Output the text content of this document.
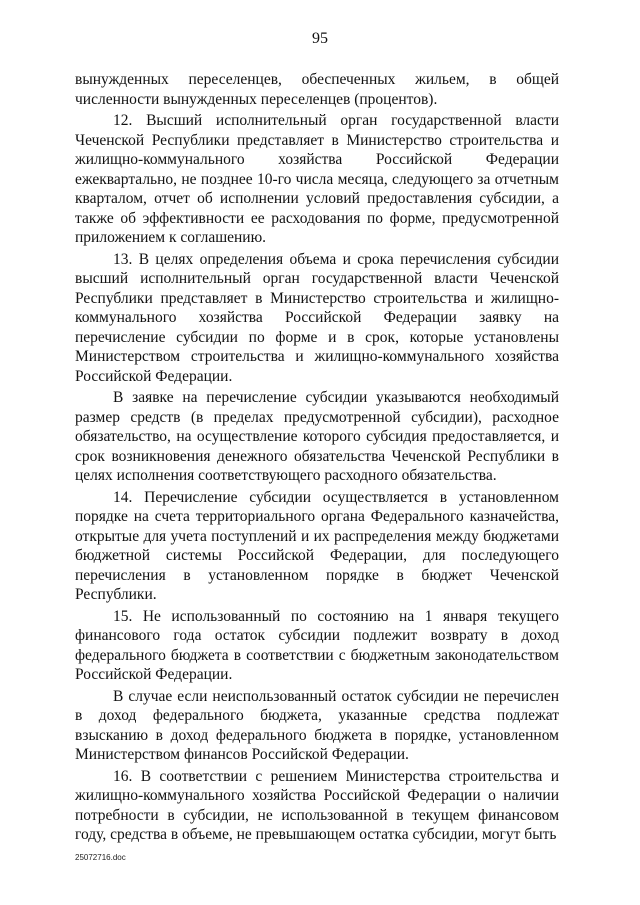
95

вынужденных переселенцев, обеспеченных жильем, в общей численности вынужденных переселенцев (процентов).

12. Высший исполнительный орган государственной власти Чеченской Республики представляет в Министерство строительства и жилищно-коммунального хозяйства Российской Федерации ежеквартально, не позднее 10-го числа месяца, следующего за отчетным кварталом, отчет об исполнении условий предоставления субсидии, а также об эффективности ее расходования по форме, предусмотренной приложением к соглашению.

13. В целях определения объема и срока перечисления субсидии высший исполнительный орган государственной власти Чеченской Республики представляет в Министерство строительства и жилищно-коммунального хозяйства Российской Федерации заявку на перечисление субсидии по форме и в срок, которые установлены Министерством строительства и жилищно-коммунального хозяйства Российской Федерации.

В заявке на перечисление субсидии указываются необходимый размер средств (в пределах предусмотренной субсидии), расходное обязательство, на осуществление которого субсидия предоставляется, и срок возникновения денежного обязательства Чеченской Республики в целях исполнения соответствующего расходного обязательства.

14. Перечисление субсидии осуществляется в установленном порядке на счета территориального органа Федерального казначейства, открытые для учета поступлений и их распределения между бюджетами бюджетной системы Российской Федерации, для последующего перечисления в установленном порядке в бюджет Чеченской Республики.

15. Не использованный по состоянию на 1 января текущего финансового года остаток субсидии подлежит возврату в доход федерального бюджета в соответствии с бюджетным законодательством Российской Федерации.

В случае если неиспользованный остаток субсидии не перечислен в доход федерального бюджета, указанные средства подлежат взысканию в доход федерального бюджета в порядке, установленном Министерством финансов Российской Федерации.

16. В соответствии с решением Министерства строительства и жилищно-коммунального хозяйства Российской Федерации о наличии потребности в субсидии, не использованной в текущем финансовом году, средства в объеме, не превышающем остатка субсидии, могут быть

25072716.doc
